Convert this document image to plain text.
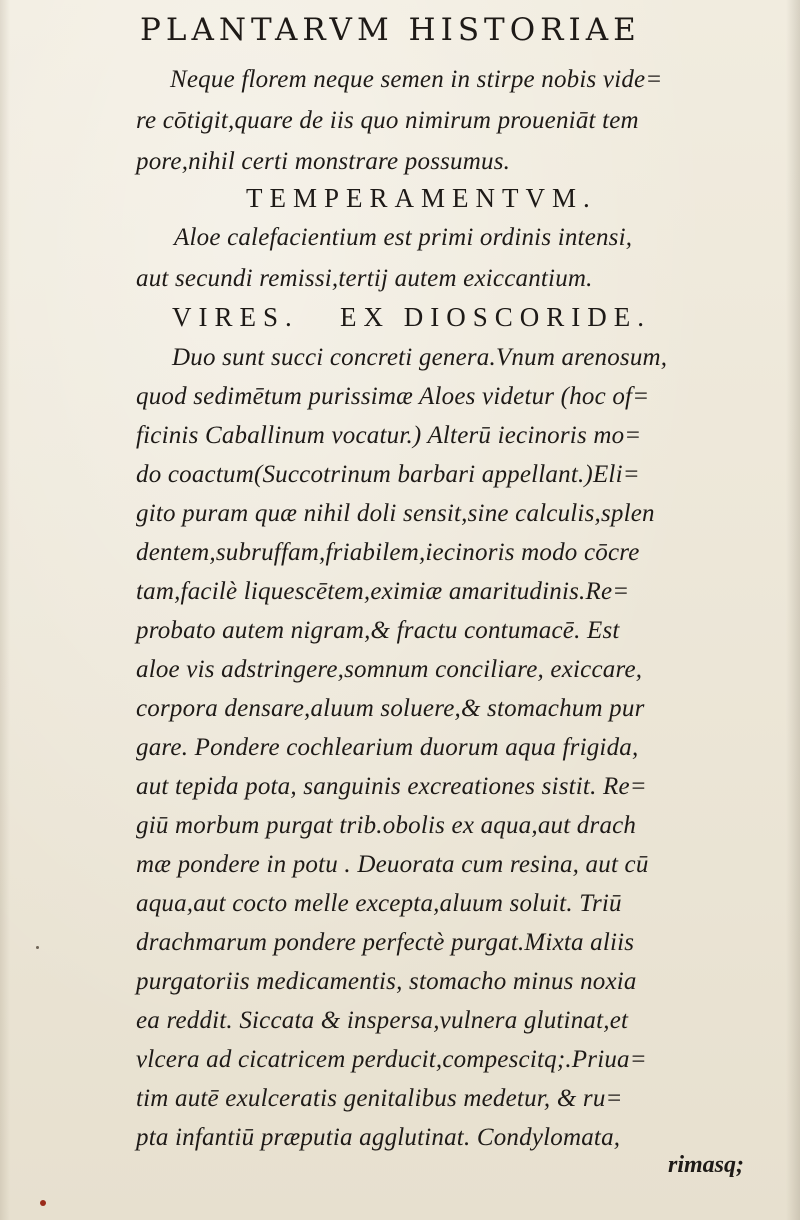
PLANTARVM HISTORIAE
Neque florem neque semen in stirpe nobis vide=
re cōtigit,quare de iis quo nimirum proueniāt tem
pore,nihil certi monstrare possumus.
TEMPERAMENTVM.
Aloe calefacientium est primi ordinis intensi,
aut secundi remissi,tertij autem exiccantium.
VIRES.   EX DIOSCORIDE.
Duo sunt succi concreti genera.Vnum arenosum,
quod sedimētum purissimæ Aloes videtur (hoc of=
ficinis Caballinum vocatur.) Alterū iecinoris mo=
do coactum(Succotrinum barbari appellant.)Eli=
gito puram quæ nihil doli sensit,sine calculis,splen
dentem,subruffam,friabilem,iecinoris modo cōcre
tam,facilè liquescētem,eximiæ amaritudinis.Re=
probato autem nigram,& fractu contumacē. Est
aloe vis adstringere,somnum conciliare, exiccare,
corpora densare,aluum soluere,& stomachum pur
gare. Pondere cochlearium duorum aqua frigida,
aut tepida pota, sanguinis excreationes sistit. Re=
giū morbum purgat trib.obolis ex aqua,aut drach
mæ pondere in potu . Deuorata cum resina, aut cū
aqua,aut cocto melle excepta,aluum soluit. Triū
drachmarum pondere perfectè purgat.Mixta aliis
purgatoriis medicamentis, stomacho minus noxia
ea reddit. Siccata & inspersa,vulnera glutinat,et
vlcera ad cicatricem perducit,compescitq;.Priua=
tim autē exulceratis genitalibus medetur, & ru=
pta infantiū præputia agglutinat. Condylomata,
rimasq;
